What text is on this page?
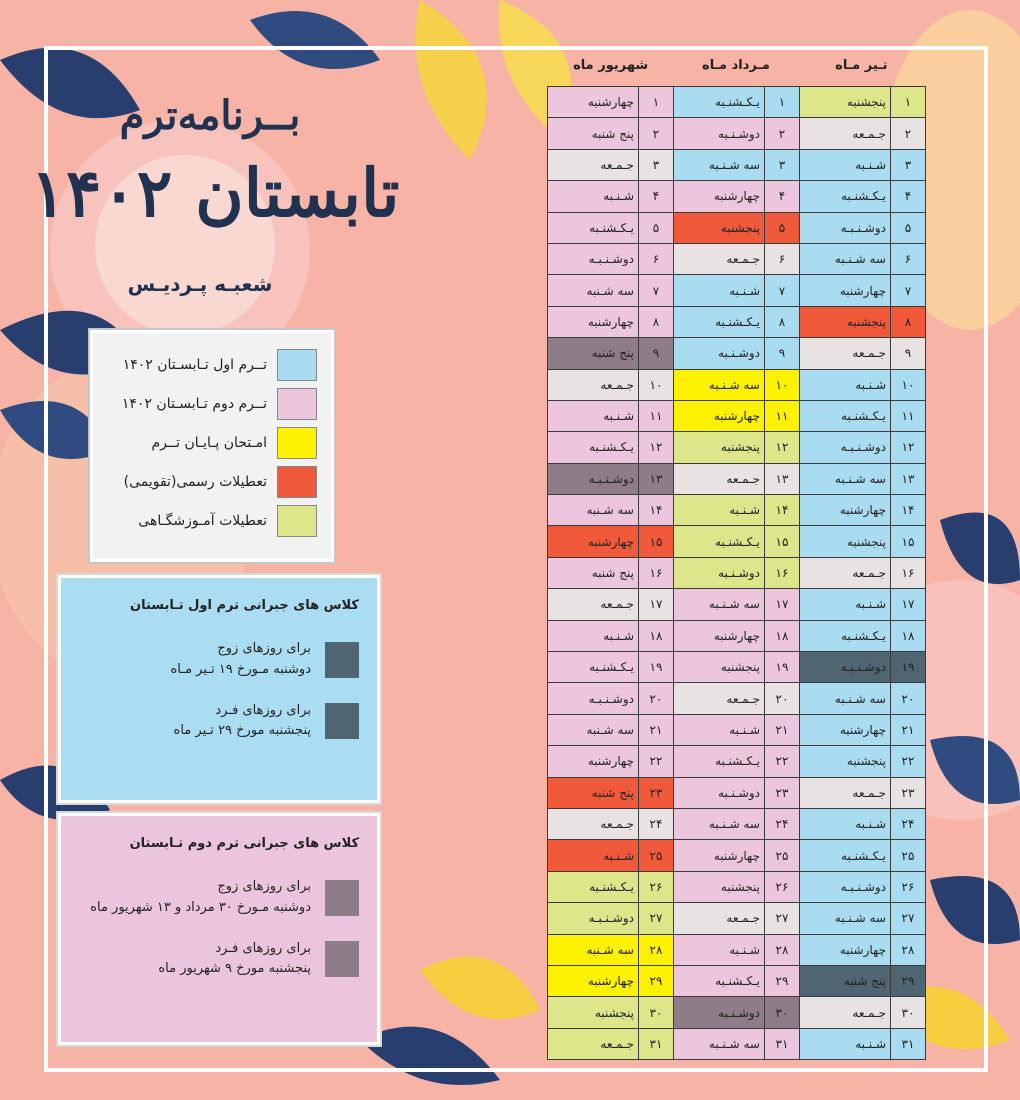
بــرنامه‌ترم
تابستان ۱۴۰۲
شعبـه پـردیـس
تــرم اول تـابسـتان ۱۴۰۲
تــرم دوم تـابسـتان ۱۴۰۲
امـتحان پـایـان تــرم
تعطیلات رسمی(تقویمی)
تعطیلات آمـوزشگـاهی
کلاس های جبرانی ترم اول تـابستان
برای روزهای زوج
دوشنبه مـورخ ۱۹ تـیر مـاه
برای روزهای فـرد
پنجشنبه مورخ ۲۹ تـیر ماه
کلاس های جبرانی ترم دوم تـابستان
برای روزهای زوج
دوشنبه مـورخ ۳۰ مرداد و ۱۳ شهریور ماه
برای روزهای فـرد
پنجشنبه مورخ ۹ شهریور ماه
شهریور ماه	مـرداد مـاه	تـیر مـاه
چهارشنبه	۱	یـکـشنـبه	۱	پنجشنبه	۱
پنج شنبه	۲	دوشـنـبه	۲	جـمـعه	۲
جـمـعه	۳	سه شـنـبه	۳	شـنـبه	۳
شـنـبه	۴	چهارشنبه	۴	یـکـشنـبه	۴
یـکـشنـبه	۵	پنجشنبه	۵	دوشـنـبـه	۵
دوشـنـبـه	۶	جـمـعه	۶	سه شـنـبه	۶
سه شـنبه	۷	شـنـبه	۷	چهارشنبه	۷
چهارشنبه	۸	یـکـشنـبه	۸	پنجشنبه	۸
پنج شنبه	۹	دوشـنـبه	۹	جـمـعه	۹
جـمـعه	۱۰	سه شـنـبه	۱۰	شـنـبه	۱۰
شـنـبه	۱۱	چهارشنبه	۱۱	یـکـشنـبه	۱۱
یـکـشنـبه	۱۲	پنجشنبه	۱۲	دوشـنـبـه	۱۲
دوشـنـبـه	۱۳	جـمـعه	۱۳	سه شـنـبه	۱۳
سه شـنبه	۱۴	شـنـبه	۱۴	چهارشنبه	۱۴
چهارشنبه	۱۵	یـکـشنـبه	۱۵	پنجشنبه	۱۵
پنج شنبه	۱۶	دوشـنـبه	۱۶	جـمـعه	۱۶
جـمـعه	۱۷	سه شـنـبه	۱۷	شـنـبه	۱۷
شـنـبه	۱۸	چهارشنبه	۱۸	یـکـشنـبه	۱۸
یـکـشنـبه	۱۹	پنجشنبه	۱۹	دوشـنـبـه	۱۹
دوشـنـبـه	۲۰	جـمـعه	۲۰	سه شـنـبه	۲۰
سه شـنبه	۲۱	شـنـبه	۲۱	چهارشنبه	۲۱
چهارشنبه	۲۲	یـکـشنـبه	۲۲	پنجشنبه	۲۲
پنج شنبه	۲۳	دوشـنـبه	۲۳	جـمـعه	۲۳
جـمـعه	۲۴	سه شـنـبه	۲۴	شـنـبه	۲۴
شـنـبه	۲۵	چهارشنبه	۲۵	یـکـشنـبه	۲۵
یـکـشنـبه	۲۶	پنجشنبه	۲۶	دوشـنـبـه	۲۶
دوشـنـبـه	۲۷	جـمـعه	۲۷	سه شـنـبه	۲۷
سه شـنبه	۲۸	شـنـبه	۲۸	چهارشنبه	۲۸
چهارشنبه	۲۹	یـکـشنـبه	۲۹	پنج شنبه	۲۹
پنجشنبه	۳۰	دوشـنـبه	۳۰	جـمـعه	۳۰
جـمـعه	۳۱	سه شـنـبه	۳۱	شـنـبه	۳۱
